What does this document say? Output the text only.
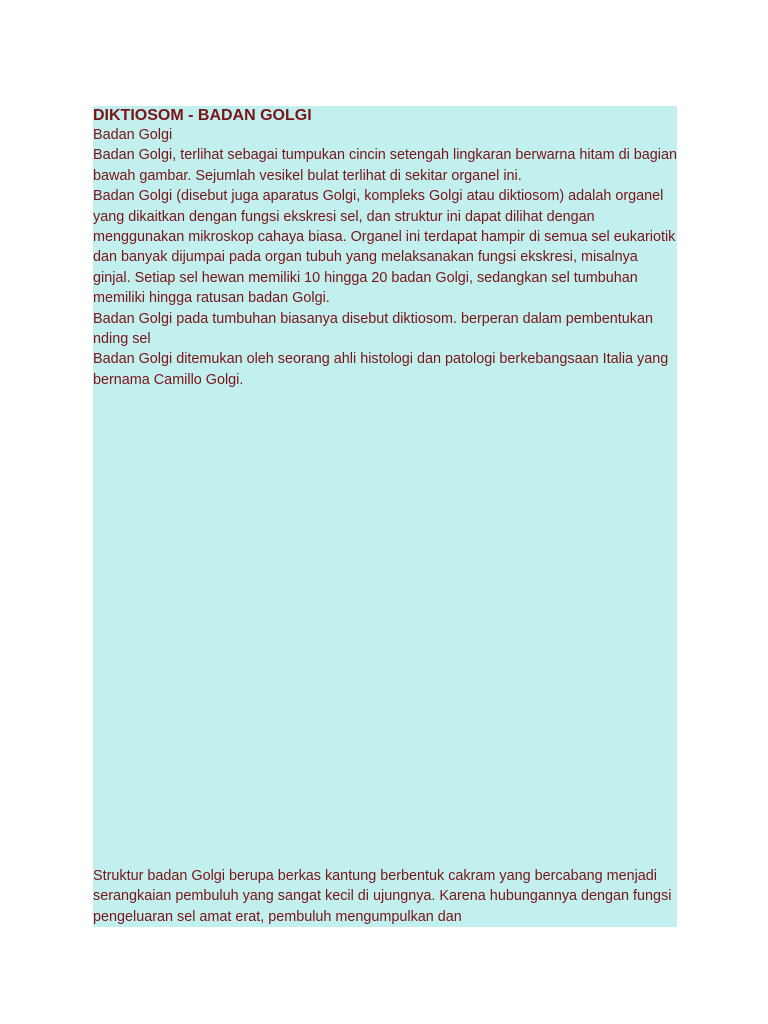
DIKTIOSOM - BADAN GOLGI

Badan Golgi

Badan Golgi, terlihat sebagai tumpukan cincin setengah lingkaran berwarna hitam di bagian bawah gambar. Sejumlah vesikel bulat terlihat di sekitar organel ini.

Badan Golgi (disebut juga aparatus Golgi, kompleks Golgi atau diktiosom) adalah organel yang dikaitkan dengan fungsi ekskresi sel, dan struktur ini dapat dilihat dengan menggunakan mikroskop cahaya biasa. Organel ini terdapat hampir di semua sel eukariotik dan banyak dijumpai pada organ tubuh yang melaksanakan fungsi ekskresi, misalnya ginjal. Setiap sel hewan memiliki 10 hingga 20 badan Golgi, sedangkan sel tumbuhan memiliki hingga ratusan badan Golgi.

Badan Golgi pada tumbuhan biasanya disebut diktiosom. berperan dalam pembentukan nding sel

Badan Golgi ditemukan oleh seorang ahli histologi dan patologi berkebangsaan Italia yang bernama Camillo Golgi.

Struktur badan Golgi berupa berkas kantung berbentuk cakram yang bercabang menjadi serangkaian pembuluh yang sangat kecil di ujungnya. Karena hubungannya dengan fungsi pengeluaran sel amat erat, pembuluh mengumpulkan dan
